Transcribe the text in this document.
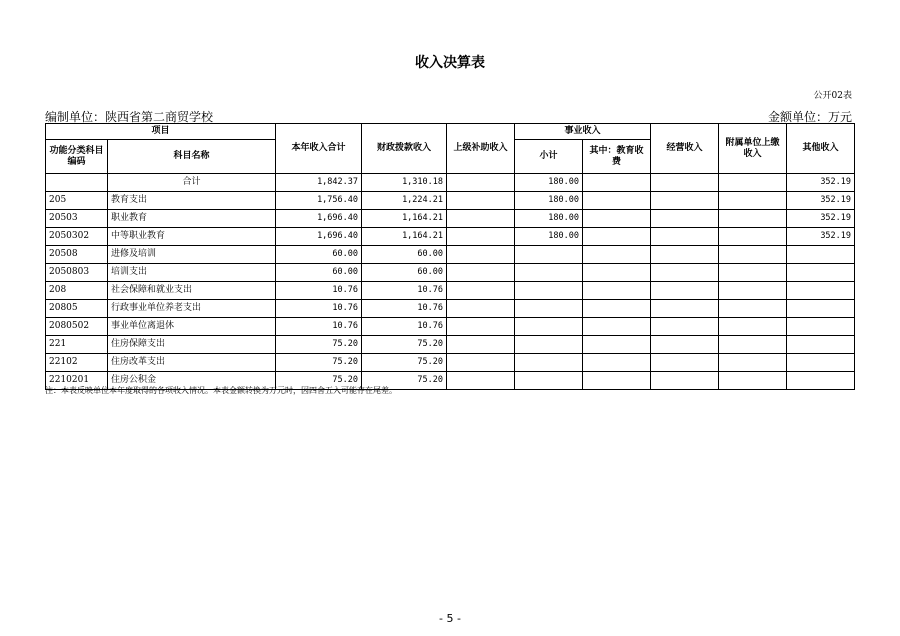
收入决算表
公开02表
编制单位：陕西省第二商贸学校	金额单位：万元
项目		本年收入合计	财政拨款收入	上级补助收入	事业收入		经营收入	附属单位上缴收入	其他收入
功能分类科目编码	科目名称				小计	其中：教育收费			
	合计	1,842.37	1,310.18		180.00				352.19
205	教育支出	1,756.40	1,224.21		180.00				352.19
20503	职业教育	1,696.40	1,164.21		180.00				352.19
2050302	中等职业教育	1,696.40	1,164.21		180.00				352.19
20508	进修及培训	60.00	60.00						
2050803	培训支出	60.00	60.00						
208	社会保障和就业支出	10.76	10.76						
20805	行政事业单位养老支出	10.76	10.76						
2080502	事业单位离退休	10.76	10.76						
221	住房保障支出	75.20	75.20						
22102	住房改革支出	75.20	75.20						
2210201	住房公积金	75.20	75.20						
注：本表反映单位本年度取得的各项收入情况。本表金额转换为万元时，因四舍五入可能存在尾差。
- 5 -
